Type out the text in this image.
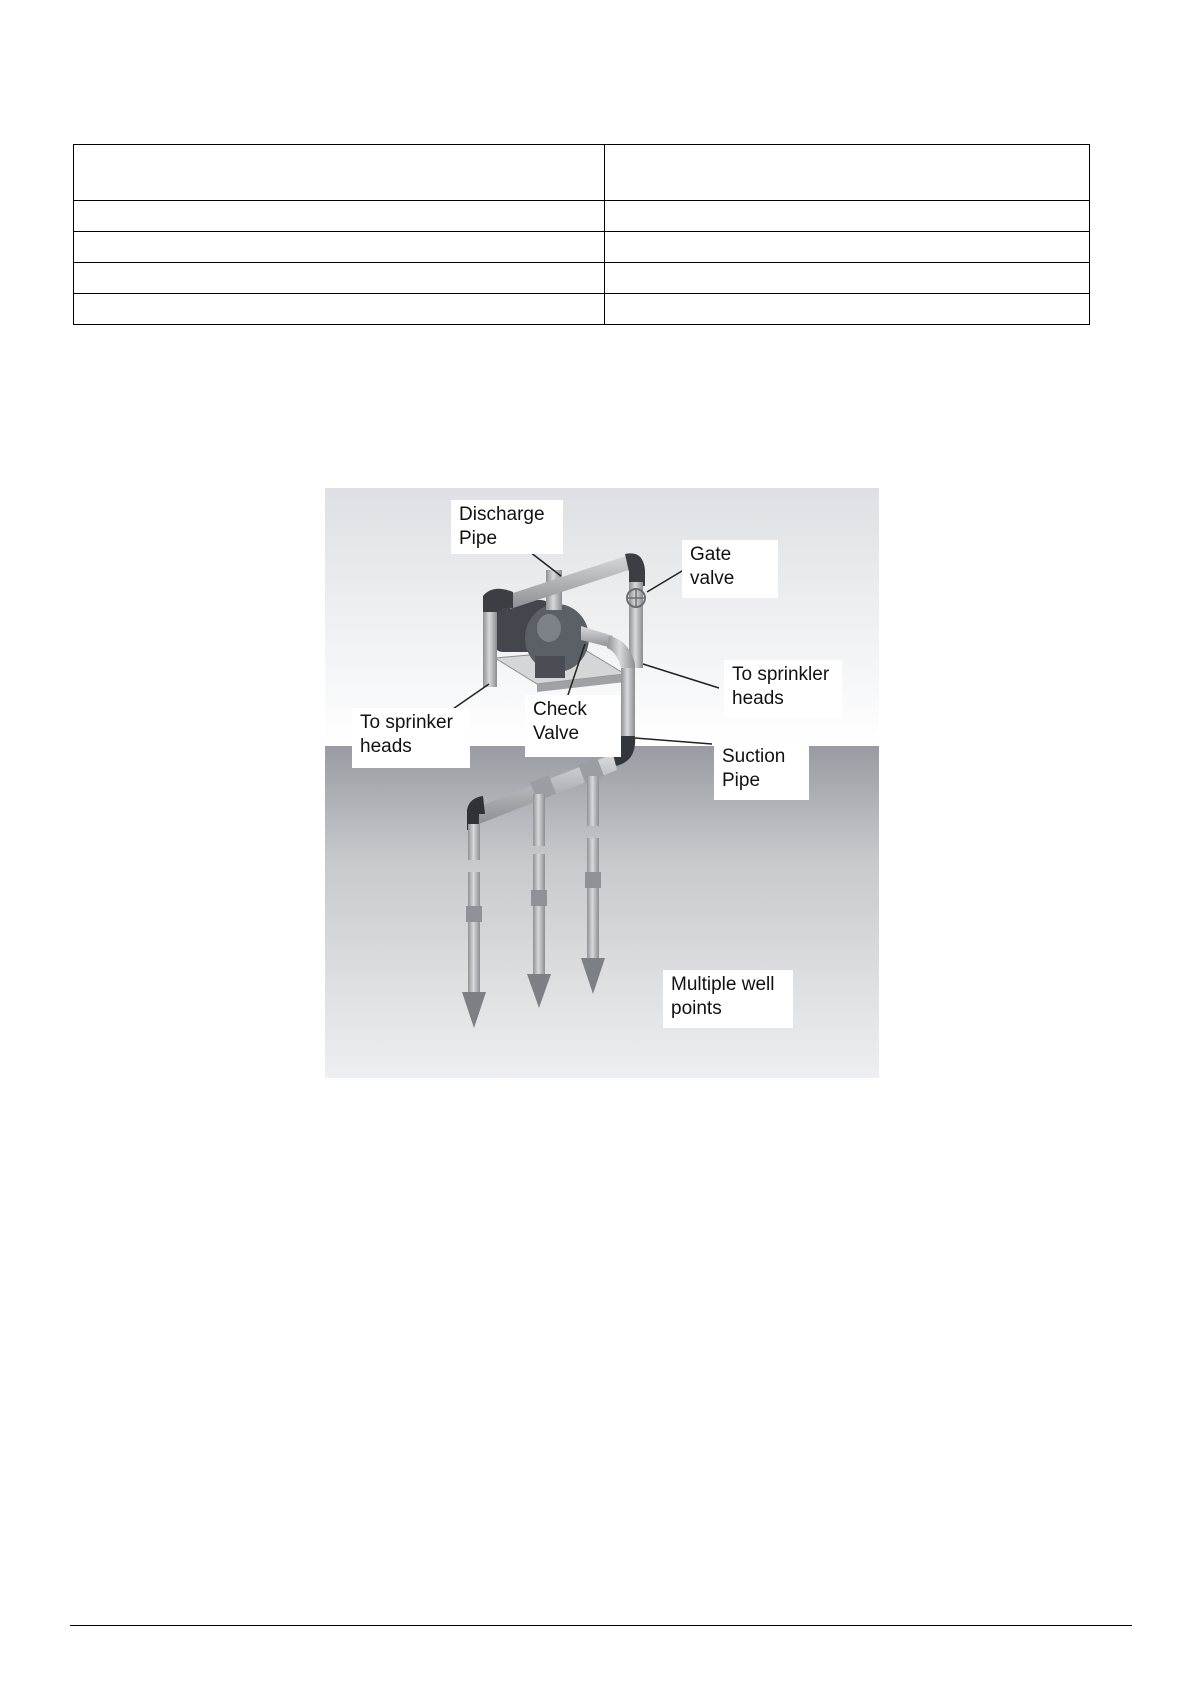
Discharge
Pipe
Gate
valve
To sprinkler
heads
To sprinker
heads
Check
Valve
Suction
Pipe
Multiple well
points
